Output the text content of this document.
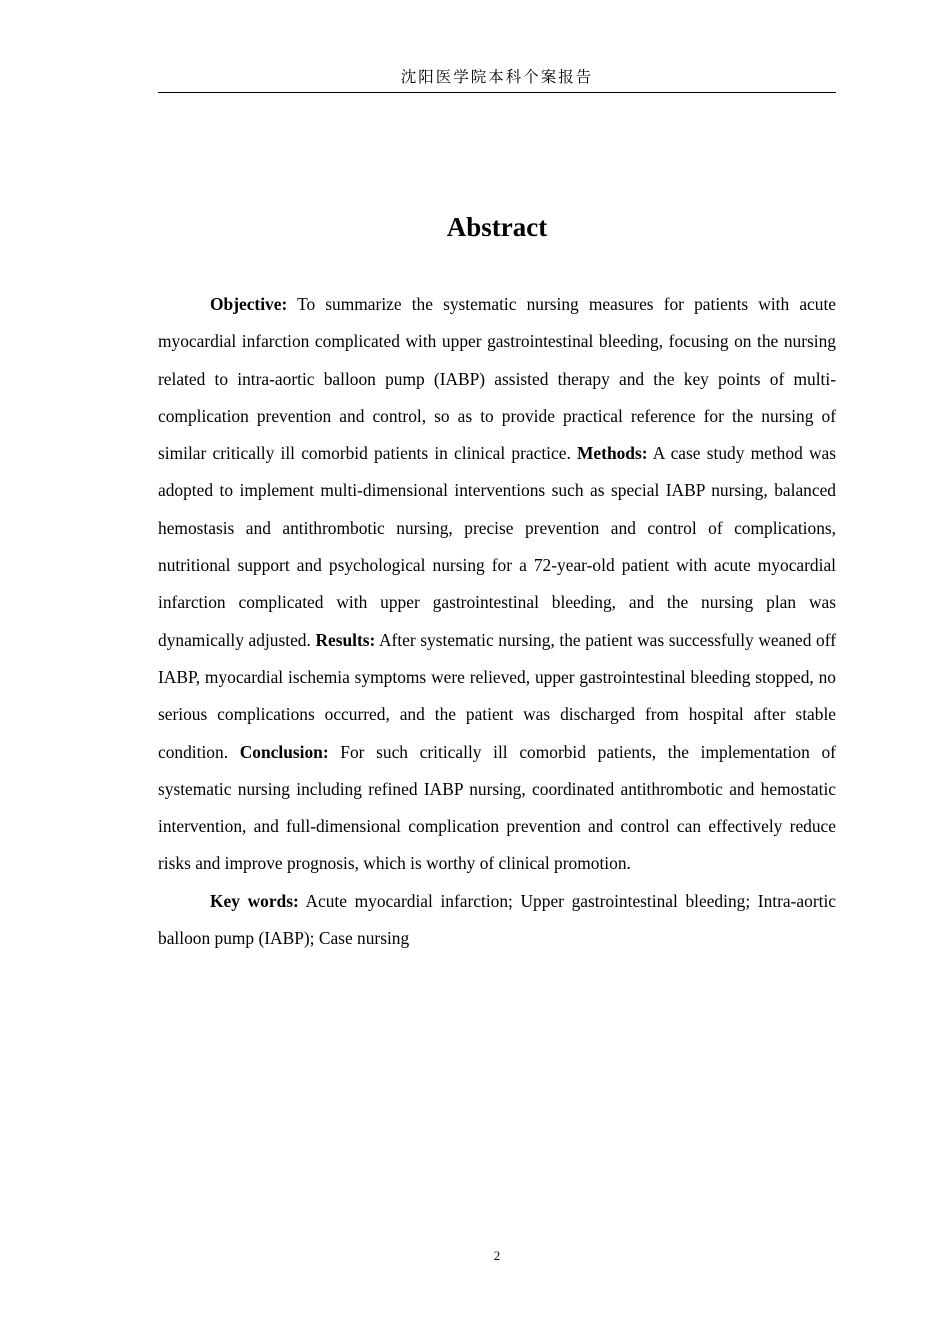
沈阳医学院本科个案报告
Abstract

Objective: To summarize the systematic nursing measures for patients with acute myocardial infarction complicated with upper gastrointestinal bleeding, focusing on the nursing related to intra-aortic balloon pump (IABP) assisted therapy and the key points of multi-complication prevention and control, so as to provide practical reference for the nursing of similar critically ill comorbid patients in clinical practice. Methods: A case study method was adopted to implement multi-dimensional interventions such as special IABP nursing, balanced hemostasis and antithrombotic nursing, precise prevention and control of complications, nutritional support and psychological nursing for a 72-year-old patient with acute myocardial infarction complicated with upper gastrointestinal bleeding, and the nursing plan was dynamically adjusted. Results: After systematic nursing, the patient was successfully weaned off IABP, myocardial ischemia symptoms were relieved, upper gastrointestinal bleeding stopped, no serious complications occurred, and the patient was discharged from hospital after stable condition. Conclusion: For such critically ill comorbid patients, the implementation of systematic nursing including refined IABP nursing, coordinated antithrombotic and hemostatic intervention, and full-dimensional complication prevention and control can effectively reduce risks and improve prognosis, which is worthy of clinical promotion.

Key words: Acute myocardial infarction; Upper gastrointestinal bleeding; Intra-aortic balloon pump (IABP); Case nursing

2
